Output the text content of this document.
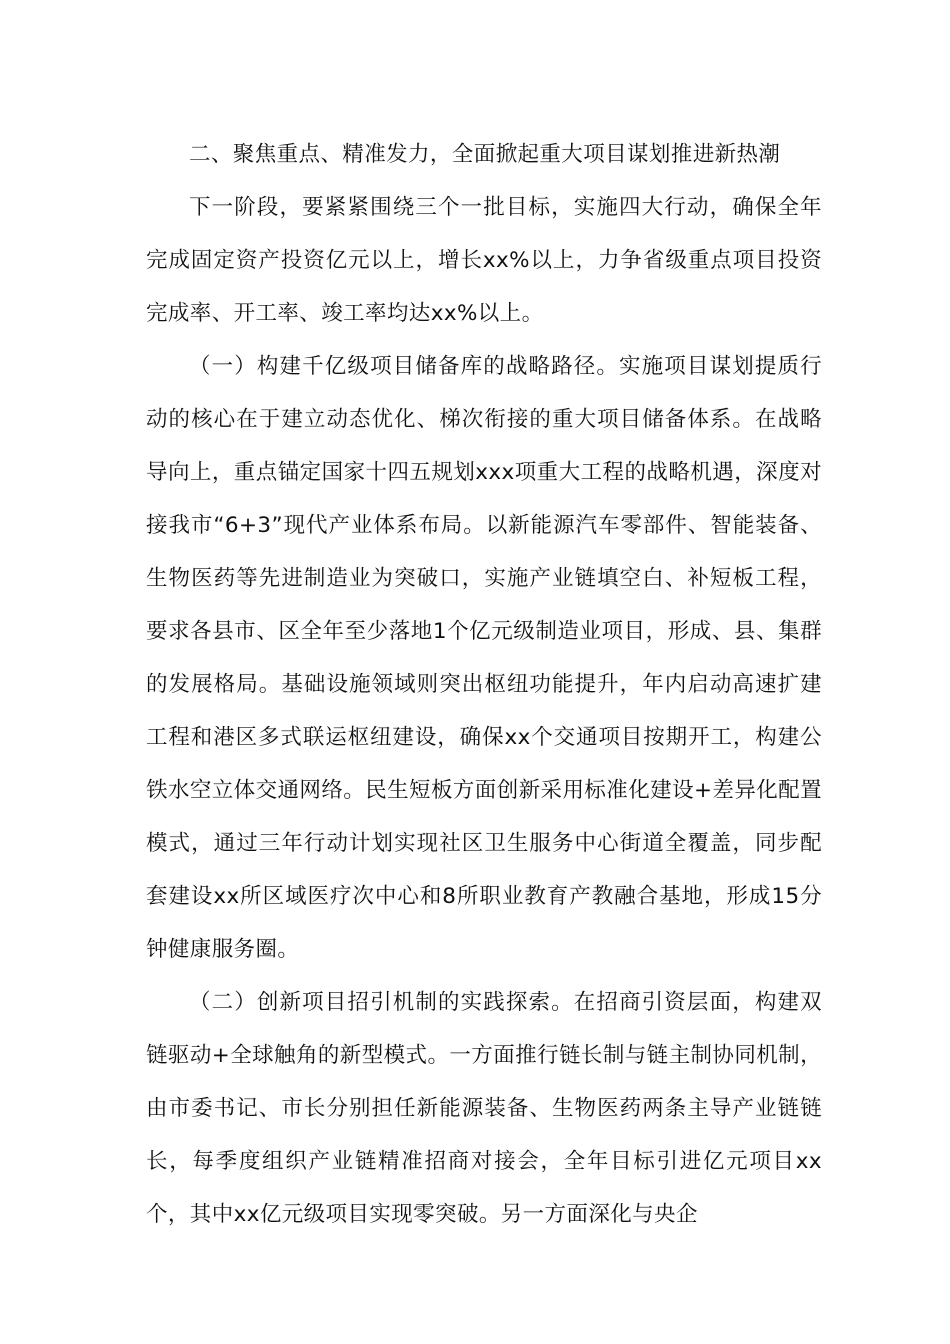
二、聚焦重点、精准发力，全面掀起重大项目谋划推进新热潮

下一阶段，要紧紧围绕三个一批目标，实施四大行动，确保全年完成固定资产投资亿元以上，增长xx%以上，力争省级重点项目投资完成率、开工率、竣工率均达xx%以上。

（一）构建千亿级项目储备库的战略路径。实施项目谋划提质行动的核心在于建立动态优化、梯次衔接的重大项目储备体系。在战略导向上，重点锚定国家十四五规划xxx项重大工程的战略机遇，深度对接我市“6+3”现代产业体系布局。以新能源汽车零部件、智能装备、生物医药等先进制造业为突破口，实施产业链填空白、补短板工程，要求各县市、区全年至少落地1个亿元级制造业项目，形成、县、集群的发展格局。基础设施领域则突出枢纽功能提升，年内启动高速扩建工程和港区多式联运枢纽建设，确保xx个交通项目按期开工，构建公铁水空立体交通网络。民生短板方面创新采用标准化建设+差异化配置模式，通过三年行动计划实现社区卫生服务中心街道全覆盖，同步配套建设xx所区域医疗次中心和8所职业教育产教融合基地，形成15分钟健康服务圈。

（二）创新项目招引机制的实践探索。在招商引资层面，构建双链驱动+全球触角的新型模式。一方面推行链长制与链主制协同机制，由市委书记、市长分别担任新能源装备、生物医药两条主导产业链链长，每季度组织产业链精准招商对接会，全年目标引进亿元项目xx个，其中xx亿元级项目实现零突破。另一方面深化与央企
